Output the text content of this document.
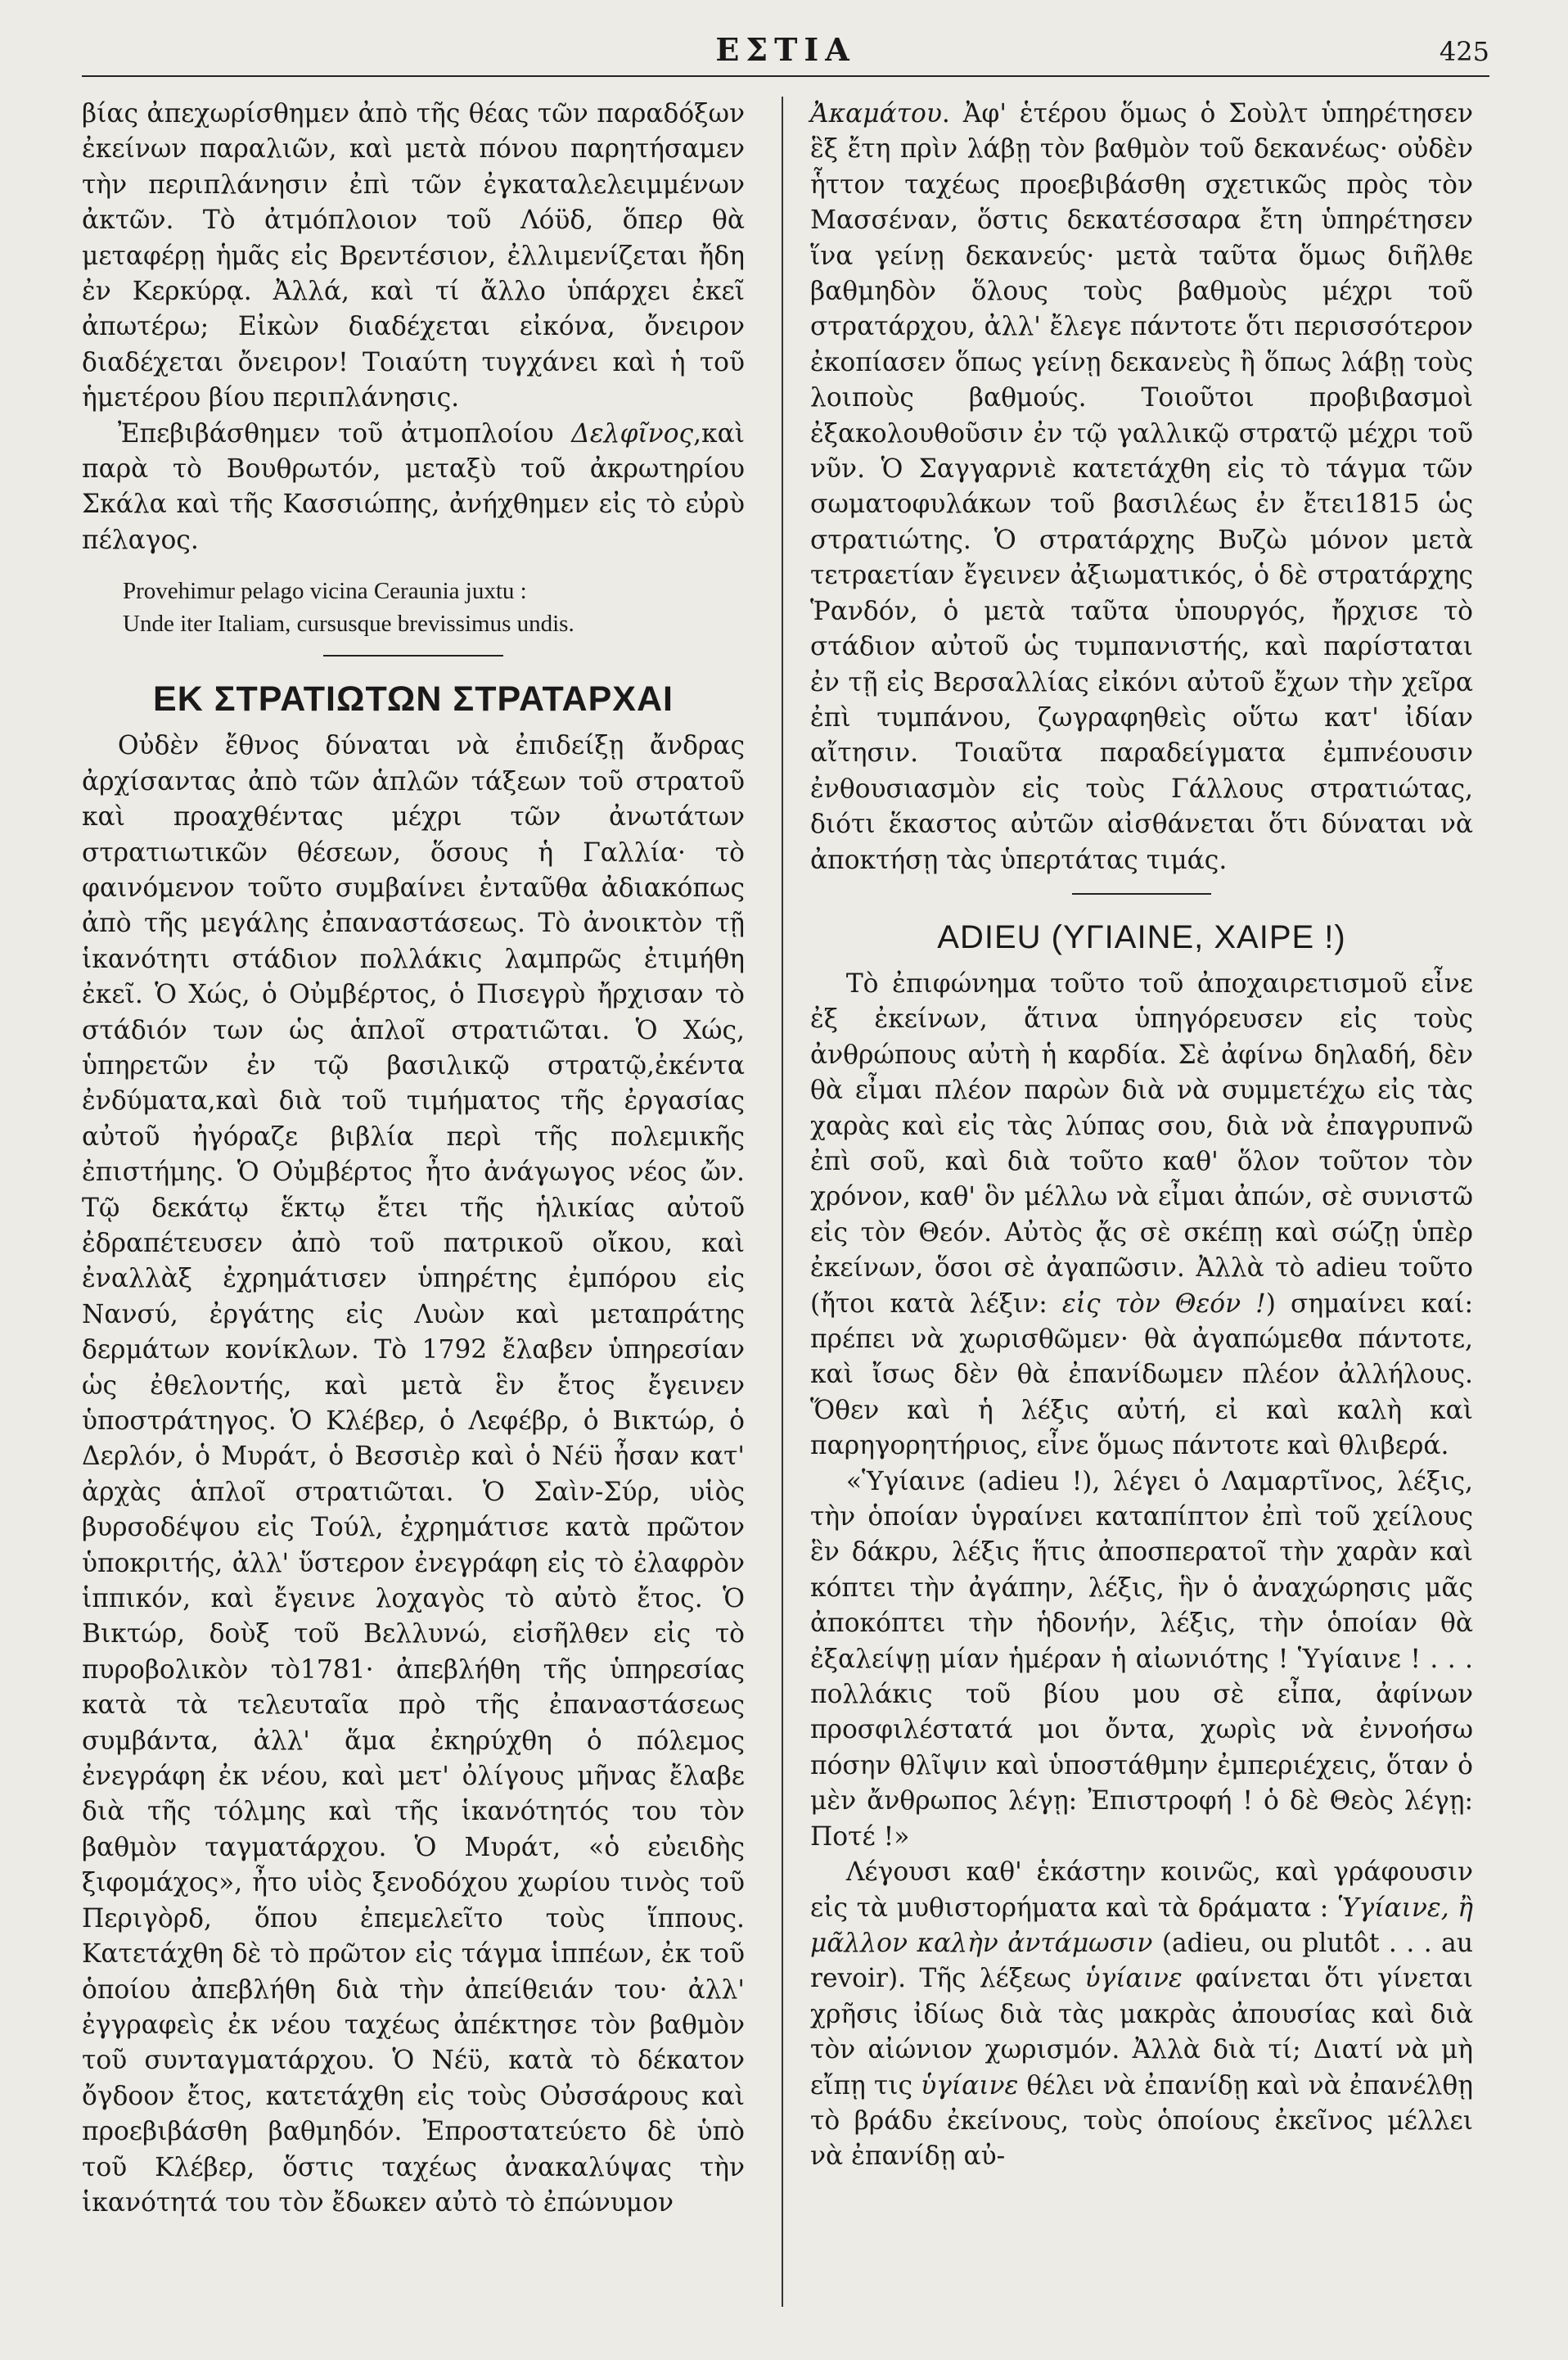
ΕΣΤΙΑ	425

βίας ἀπεχωρίσθημεν ἀπὸ τῆς θέας τῶν παραδόξων ἐκείνων παραλιῶν, καὶ μετὰ πόνου παρητήσαμεν τὴν περιπλάνησιν ἐπὶ τῶν ἐγκαταλελειμμένων ἀκτῶν. Τὸ ἀτμόπλοιον τοῦ Λόϋδ, ὅπερ θὰ μεταφέρῃ ἡμᾶς εἰς Βρεντέσιον, ἐλλιμενίζεται ἤδη ἐν Κερκύρᾳ. Ἀλλά, καὶ τί ἄλλο ὑπάρχει ἐκεῖ ἀπωτέρω; Εἰκὼν διαδέχεται εἰκόνα, ὄνειρον διαδέχεται ὄνειρον! Τοιαύτη τυγχάνει καὶ ἡ τοῦ ἡμετέρου βίου περιπλάνησις.

Ἐπεβιβάσθημεν τοῦ ἀτμοπλοίου Δελφῖνος,καὶ παρὰ τὸ Βουθρωτόν, μεταξὺ τοῦ ἀκρωτηρίου Σκάλα καὶ τῆς Κασσιώπης, ἀνήχθημεν εἰς τὸ εὐρὺ πέλαγος.

Provehimur pelago vicina Ceraunia juxtu :
Unde iter Italiam, cursusque brevissimus undis.
ΕΚ ΣΤΡΑΤΙΩΤΩΝ ΣΤΡΑΤΑΡΧΑΙ

Οὐδὲν ἔθνος δύναται νὰ ἐπιδείξῃ ἄνδρας ἀρχίσαντας ἀπὸ τῶν ἁπλῶν τάξεων τοῦ στρατοῦ καὶ προαχθέντας μέχρι τῶν ἀνωτάτων στρατιωτικῶν θέσεων, ὅσους ἡ Γαλλία· τὸ φαινόμενον τοῦτο συμβαίνει ἐνταῦθα ἀδιακόπως ἀπὸ τῆς μεγάλης ἐπαναστάσεως. Τὸ ἀνοικτὸν τῇ ἱκανότητι στάδιον πολλάκις λαμπρῶς ἐτιμήθη ἐκεῖ. Ὁ Χώς, ὁ Οὐμβέρτος, ὁ Πισεγρὺ ἤρχισαν τὸ στάδιόν των ὡς ἁπλοῖ στρατιῶται. Ὁ Χώς, ὑπηρετῶν ἐν τῷ βασιλικῷ στρατῷ,ἐκέντα ἐνδύματα,καὶ διὰ τοῦ τιμήματος τῆς ἐργασίας αὐτοῦ ἠγόραζε βιβλία περὶ τῆς πολεμικῆς ἐπιστήμης. Ὁ Οὐμβέρτος ἦτο ἀνάγωγος νέος ὤν. Τῷ δεκάτῳ ἕκτῳ ἔτει τῆς ἡλικίας αὐτοῦ ἐδραπέτευσεν ἀπὸ τοῦ πατρικοῦ οἴκου, καὶ ἐναλλὰξ ἐχρημάτισεν ὑπηρέτης ἐμπόρου εἰς Νανσύ, ἐργάτης εἰς Λυὼν καὶ μεταπράτης δερμάτων κονίκλων. Τὸ 1792 ἔλαβεν ὑπηρεσίαν ὡς ἐθελοντής, καὶ μετὰ ἓν ἔτος ἔγεινεν ὑποστράτηγος. Ὁ Κλέβερ, ὁ Λεφέβρ, ὁ Βικτώρ, ὁ Δερλόν, ὁ Μυράτ, ὁ Βεσσιὲρ καὶ ὁ Νέϋ ἦσαν κατ' ἀρχὰς ἁπλοῖ στρατιῶται. Ὁ Σαὶν-Σύρ, υἱὸς βυρσοδέψου εἰς Τούλ, ἐχρημάτισε κατὰ πρῶτον ὑποκριτής, ἀλλ' ὕστερον ἐνεγράφη εἰς τὸ ἐλαφρὸν ἱππικόν, καὶ ἔγεινε λοχαγὸς τὸ αὐτὸ ἔτος. Ὁ Βικτώρ, δοὺξ τοῦ Βελλυνώ, εἰσῆλθεν εἰς τὸ πυροβολικὸν τὸ1781· ἀπεβλήθη τῆς ὑπηρεσίας κατὰ τὰ τελευταῖα πρὸ τῆς ἐπαναστάσεως συμβάντα, ἀλλ' ἅμα ἐκηρύχθη ὁ πόλεμος ἐνεγράφη ἐκ νέου, καὶ μετ' ὀλίγους μῆνας ἔλαβε διὰ τῆς τόλμης καὶ τῆς ἱκανότητός του τὸν βαθμὸν ταγματάρχου. Ὁ Μυράτ, «ὁ εὐειδὴς ξιφομάχος», ἦτο υἱὸς ξενοδόχου χωρίου τινὸς τοῦ Περιγὸρδ, ὅπου ἐπεμελεῖτο τοὺς ἵππους. Κατετάχθη δὲ τὸ πρῶτον εἰς τάγμα ἱππέων, ἐκ τοῦ ὁποίου ἀπεβλήθη διὰ τὴν ἀπείθειάν του· ἀλλ' ἐγγραφεὶς ἐκ νέου ταχέως ἀπέκτησε τὸν βαθμὸν τοῦ συνταγματάρχου. Ὁ Νέϋ, κατὰ τὸ δέκατον ὄγδοον ἔτος, κατετάχθη εἰς τοὺς Οὐσσάρους καὶ προεβιβάσθη βαθμηδόν. Ἐπροστατεύετο δὲ ὑπὸ τοῦ Κλέβερ, ὅστις ταχέως ἀνακαλύψας τὴν ἱκανότητά του τὸν ἔδωκεν αὐτὸ τὸ ἐπώνυμον

Ἀκαμάτου. Ἀφ' ἑτέρου ὅμως ὁ Σοὺλτ ὑπηρέτησεν ἓξ ἔτη πρὶν λάβῃ τὸν βαθμὸν τοῦ δεκανέως· οὐδὲν ἧττον ταχέως προεβιβάσθη σχετικῶς πρὸς τὸν Μασσέναν, ὅστις δεκατέσσαρα ἔτη ὑπηρέτησεν ἵνα γείνῃ δεκανεύς· μετὰ ταῦτα ὅμως διῆλθε βαθμηδὸν ὅλους τοὺς βαθμοὺς μέχρι τοῦ στρατάρχου, ἀλλ' ἔλεγε πάντοτε ὅτι περισσότερον ἐκοπίασεν ὅπως γείνῃ δεκανεὺς ἢ ὅπως λάβῃ τοὺς λοιποὺς βαθμούς. Τοιοῦτοι προβιβασμοὶ ἐξακολουθοῦσιν ἐν τῷ γαλλικῷ στρατῷ μέχρι τοῦ νῦν. Ὁ Σαγγαρνιὲ κατετάχθη εἰς τὸ τάγμα τῶν σωματοφυλάκων τοῦ βασιλέως ἐν ἔτει1815 ὡς στρατιώτης. Ὁ στρατάρχης Βυζὼ μόνον μετὰ τετραετίαν ἔγεινεν ἀξιωματικός, ὁ δὲ στρατάρχης Ῥανδόν, ὁ μετὰ ταῦτα ὑπουργός, ἤρχισε τὸ στάδιον αὐτοῦ ὡς τυμπανιστής, καὶ παρίσταται ἐν τῇ εἰς Βερσαλλίας εἰκόνι αὐτοῦ ἔχων τὴν χεῖρα ἐπὶ τυμπάνου, ζωγραφηθεὶς οὕτω κατ' ἰδίαν αἴτησιν. Τοιαῦτα παραδείγματα ἐμπνέουσιν ἐνθουσιασμὸν εἰς τοὺς Γάλλους στρατιώτας, διότι ἕκαστος αὐτῶν αἰσθάνεται ὅτι δύναται νὰ ἀποκτήσῃ τὰς ὑπερτάτας τιμάς.

ADIEU (ΥΓΙΑΙΝΕ, ΧΑΙΡΕ !)

Τὸ ἐπιφώνημα τοῦτο τοῦ ἀποχαιρετισμοῦ εἶνε ἐξ ἐκείνων, ἅτινα ὑπηγόρευσεν εἰς τοὺς ἀνθρώπους αὐτὴ ἡ καρδία. Σὲ ἀφίνω δηλαδή, δὲν θὰ εἶμαι πλέον παρὼν διὰ νὰ συμμετέχω εἰς τὰς χαρὰς καὶ εἰς τὰς λύπας σου, διὰ νὰ ἐπαγρυπνῶ ἐπὶ σοῦ, καὶ διὰ τοῦτο καθ' ὅλον τοῦτον τὸν χρόνον, καθ' ὃν μέλλω νὰ εἶμαι ἀπών, σὲ συνιστῶ εἰς τὸν Θεόν. Αὐτὸς ᾄς σὲ σκέπῃ καὶ σώζῃ ὑπὲρ ἐκείνων, ὅσοι σὲ ἀγαπῶσιν. Ἀλλὰ τὸ adieu τοῦτο (ἤτοι κατὰ λέξιν: εἰς τὸν Θεόν !) σημαίνει καί: πρέπει νὰ χωρισθῶμεν· θὰ ἀγαπώμεθα πάντοτε, καὶ ἴσως δὲν θὰ ἐπανίδωμεν πλέον ἀλλήλους. Ὅθεν καὶ ἡ λέξις αὐτή, εἰ καὶ καλὴ καὶ παρηγορητήριος, εἶνε ὅμως πάντοτε καὶ θλιβερά.

«Ὑγίαινε (adieu !), λέγει ὁ Λαμαρτῖνος, λέξις, τὴν ὁποίαν ὑγραίνει καταπίπτον ἐπὶ τοῦ χείλους ἓν δάκρυ, λέξις ἥτις ἀποσπερατοῖ τὴν χαρὰν καὶ κόπτει τὴν ἀγάπην, λέξις, ἣν ὁ ἀναχώρησις μᾶς ἀποκόπτει τὴν ἡδονήν, λέξις, τὴν ὁποίαν θὰ ἐξαλείψῃ μίαν ἡμέραν ἡ αἰωνιότης ! Ὑγίαινε ! . . . πολλάκις τοῦ βίου μου σὲ εἶπα, ἀφίνων προσφιλέστατά μοι ὄντα, χωρὶς νὰ ἐννοήσω πόσην θλῖψιν καὶ ὑποστάθμην ἐμπεριέχεις, ὅταν ὁ μὲν ἄνθρωπος λέγῃ: Ἐπιστροφή ! ὁ δὲ Θεὸς λέγῃ: Ποτέ !»

Λέγουσι καθ' ἑκάστην κοινῶς, καὶ γράφουσιν εἰς τὰ μυθιστορήματα καὶ τὰ δράματα : Ὑγίαινε, ἢ μᾶλλον καλὴν ἀντάμωσιν (adieu, ou plutôt . . . au revoir). Τῆς λέξεως ὑγίαινε φαίνεται ὅτι γίνεται χρῆσις ἰδίως διὰ τὰς μακρὰς ἀπουσίας καὶ διὰ τὸν αἰώνιον χωρισμόν. Ἀλλὰ διὰ τί; Διατί νὰ μὴ εἴπῃ τις ὑγίαινε θέλει νὰ ἐπανίδῃ καὶ νὰ ἐπανέλθῃ τὸ βράδυ ἐκείνους, τοὺς ὁποίους ἐκεῖνος μέλλει νὰ ἐπανίδῃ αὐ-
